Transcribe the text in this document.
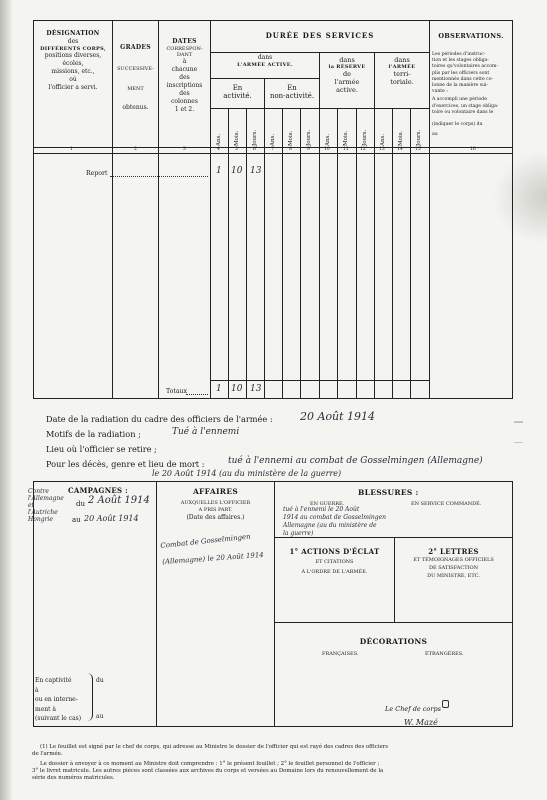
DÉSIGNATION
des
DIFFÉRENTS CORPS,
positions diverses,
écoles,
missions, etc.,
où
l'officier a servi.
GRADES
SUCCESSIVE-
MENT
obtenus.
DATES
CORRESPON-
DANT
à
chacune
des
inscriptions
des
colonnes
1 et 2.
DURÉE DES SERVICES
dans
L'ARMÉE ACTIVE.
En
activité.
En
non-activité.
dans
la RÉSERVE
de
l'armée
active.
dans
l'ARMÉE
terri-
toriale.
Ans. Mois. Jours. Ans. Mois. Jours. Ans. Mois. Jours. Ans. Mois. Jours.
1	2	3	4	5	6	7	8	9	10	11	12	13	14	15	16
OBSERVATIONS.
Les périodes d'instruc-
tion et les stages obliga-
toires qu'volontaires accom-
plis par les officiers sont
mentionnés dans cette co-
lonne de la manière sui-
vante :
A accompli une période
d'exercices, un stage obliga-
toire ou volontaire dans le
(indiquer le corps) du
au
Report	1 10 13
Totaux	1 10 13
═══
───
Date de la radiation du cadre des officiers de l'armée : 20 Août 1914
Motifs de la radiation ;	Tué à l'ennemi
Lieu où l'officier se retire ;
Pour les décès, genre et lieu de mort :	tué à l'ennemi au combat de Gosselmingen (Allemagne)
le 20 Août 1914 (au du ministère de la guerre)
Contre l'Allemagne
et l'Autriche
Hongrie
CAMPAGNES :
du 2 Août 1914
au 20 Août 1914
AFFAIRES
AUXQUELLES L'OFFICIER
A PRIS PART.
(Date des affaires.)
Combat de Gosselmingen
(Allemagne) le 20 Août 1914
BLESSURES :
EN GUERRE.	EN SERVICE COMMANDÉ.
tué à l'ennemi le 20 Août
1914 au combat de Gosselmingen
Allemagne (au du ministère de
la guerre)
1° ACTIONS D'ÉCLAT
ET CITATIONS
À L'ORDRE DE L'ARMÉE.
2° LETTRES
ET TÉMOIGNAGES OFFICIELS
DE SATISFACTION
DU MINISTRE, ETC.
DÉCORATIONS
FRANÇAISES.	ÉTRANGÈRES.
En captivité
à
ou en interne-
ment à
(suivant le cas)
du
au
Le Chef de corps
W. Mazé
(1) Le feuillet est signé par le chef de corps, qui adresse au Ministre le dossier de l'officier qui est rayé des cadres des officiers
de l'armée.
Le dossier à envoyer à ce moment au Ministre doit comprendre : 1° le présent feuillet ; 2° le feuillet personnel de l'officier ;
3° le livret matricule. Les autres pièces sont classées aux archives du corps et versées au Domaine lors du renouvellement de la
série des numéros matricules.
